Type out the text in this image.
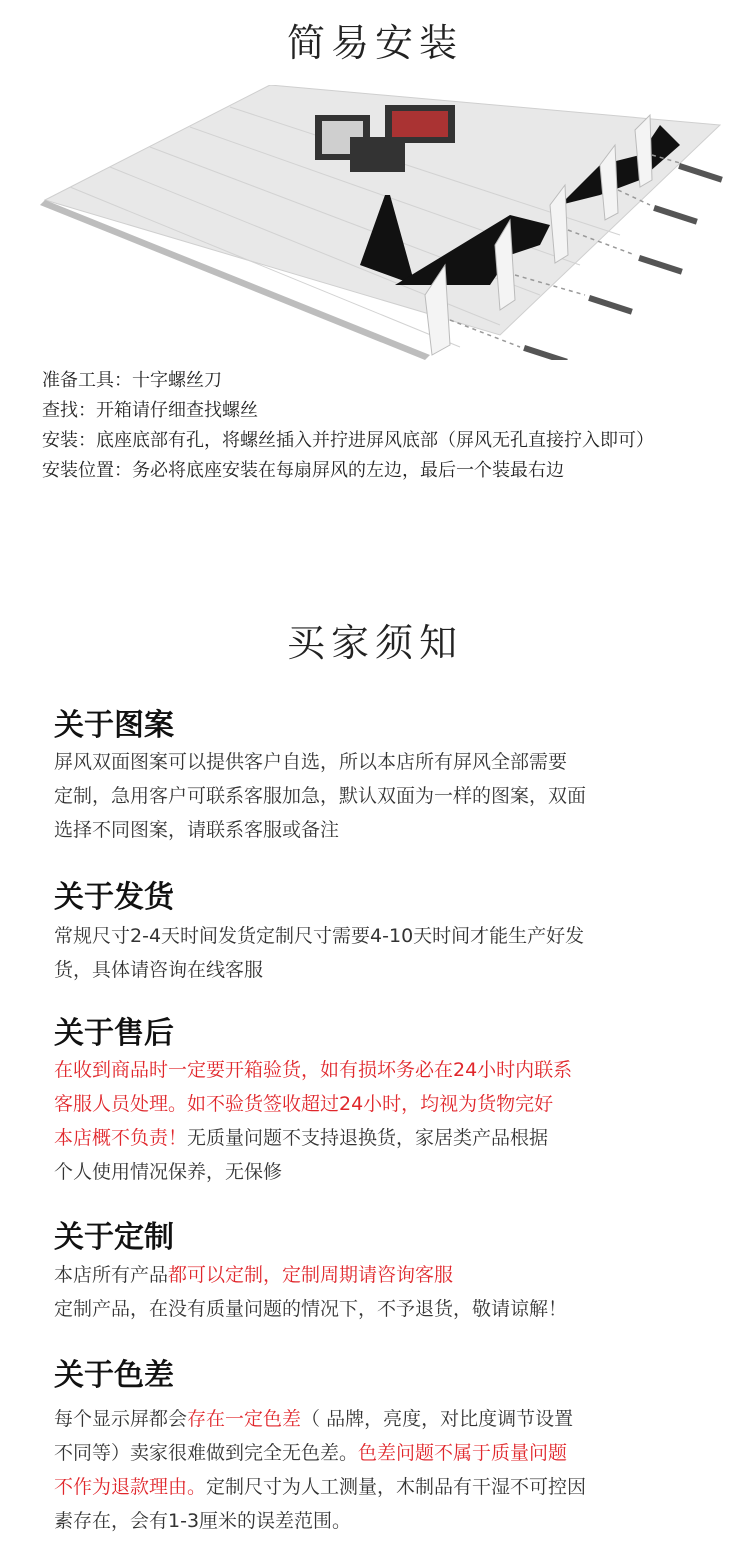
简易安装
准备工具：十字螺丝刀
查找：开箱请仔细查找螺丝
安装：底座底部有孔，将螺丝插入并拧进屏风底部（屏风无孔直接拧入即可）
安装位置：务必将底座安装在每扇屏风的左边，最后一个装最右边
买家须知
关于图案
屏风双面图案可以提供客户自选，所以本店所有屏风全部需要
定制，急用客户可联系客服加急，默认双面为一样的图案，双面
选择不同图案，请联系客服或备注
关于发货
常规尺寸2-4天时间发货定制尺寸需要4-10天时间才能生产好发
货，具体请咨询在线客服
关于售后
在收到商品时一定要开箱验货，如有损坏务必在24小时内联系
客服人员处理。如不验货签收超过24小时，均视为货物完好
本店概不负责！无质量问题不支持退换货，家居类产品根据
个人使用情况保养，无保修
关于定制
本店所有产品都可以定制，定制周期请咨询客服
定制产品，在没有质量问题的情况下，不予退货，敬请谅解！
关于色差
每个显示屏都会存在一定色差（ 品牌，亮度，对比度调节设置
不同等）卖家很难做到完全无色差。色差问题不属于质量问题
不作为退款理由。定制尺寸为人工测量，木制品有干湿不可控因
素存在，会有1-3厘米的误差范围。
